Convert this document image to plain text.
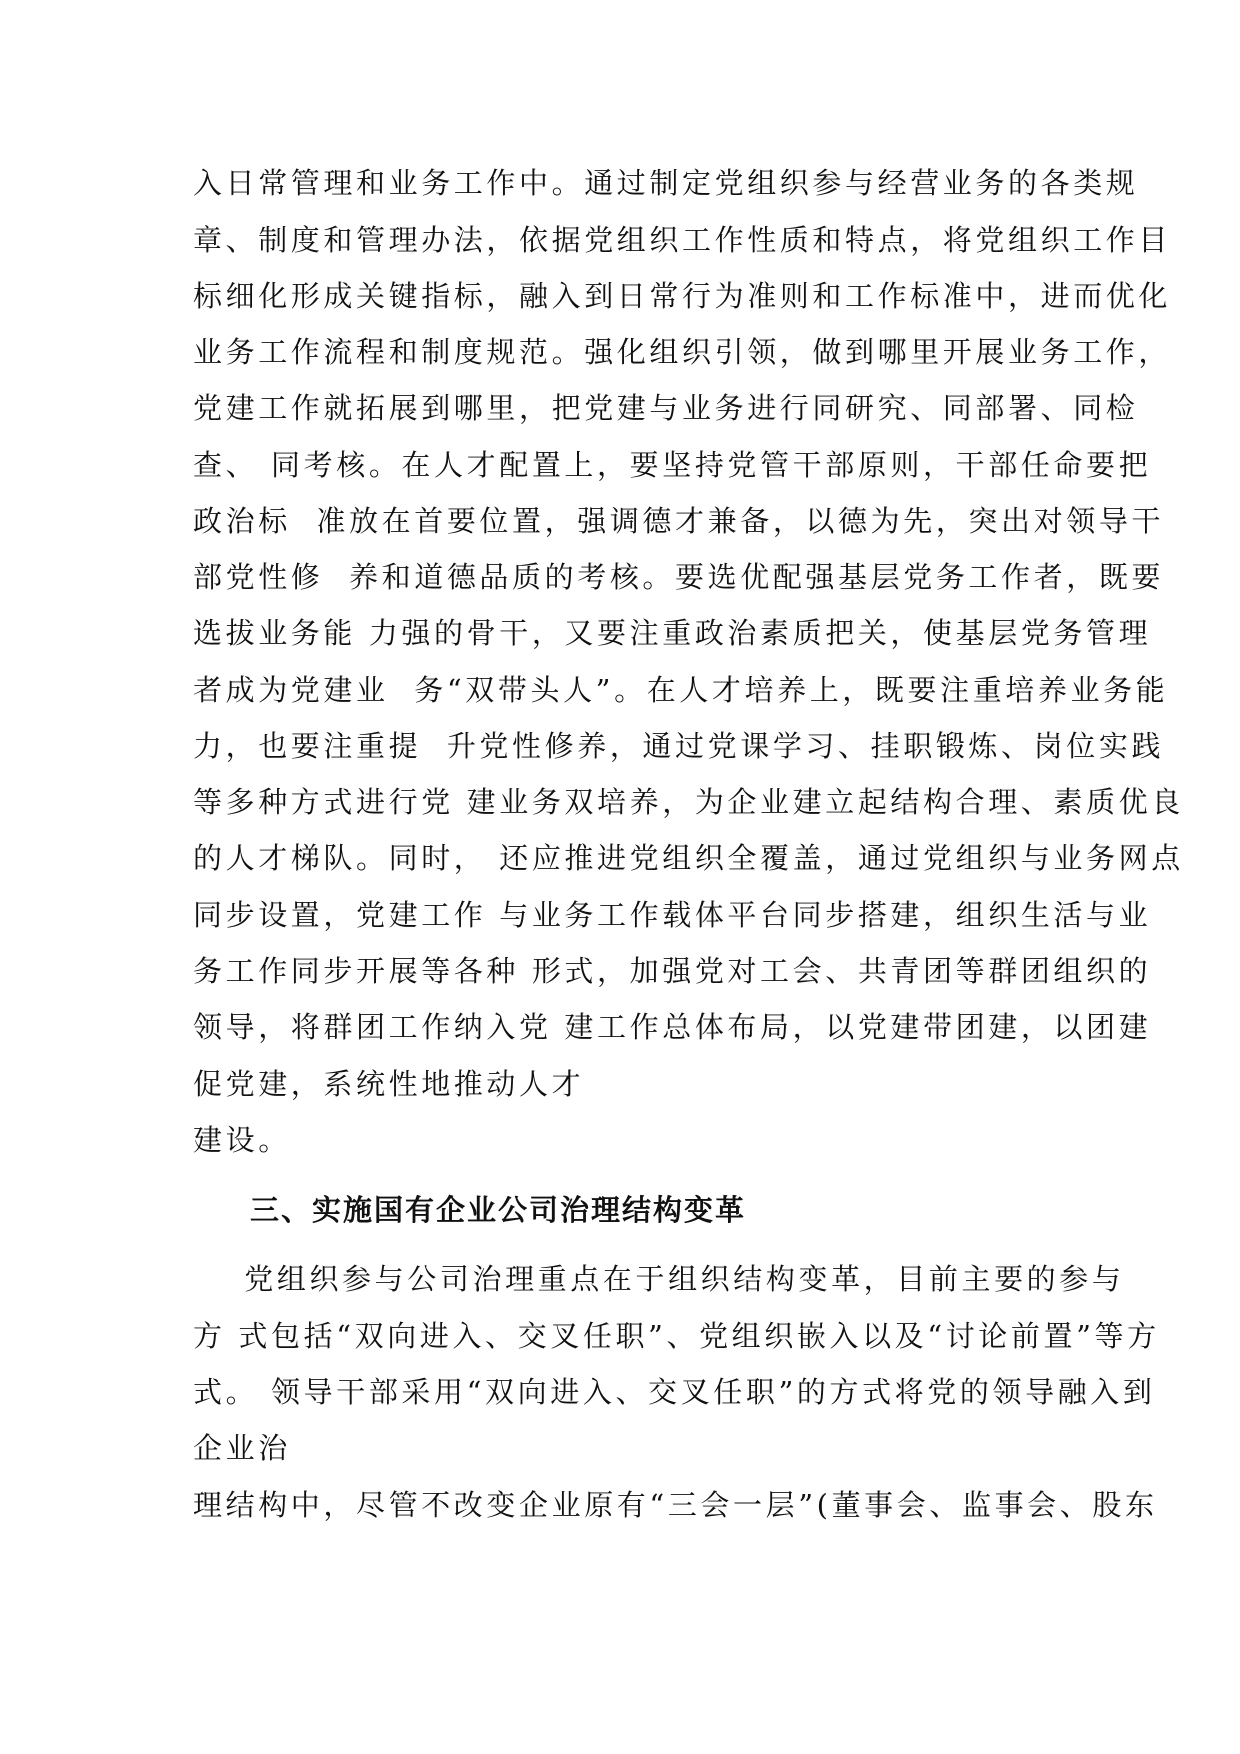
入日常管理和业务工作中。通过制定党组织参与经营业务的各类规
章、制度和管理办法，依据党组织工作性质和特点，将党组织工作目
标细化形成关键指标，融入到日常行为准则和工作标准中，进而优化
业务工作流程和制度规范。强化组织引领，做到哪里开展业务工作，
党建工作就拓展到哪里，把党建与业务进行同研究、同部署、同检
查、 同考核。在人才配置上，要坚持党管干部原则，干部任命要把
政治标  准放在首要位置，强调德才兼备，以德为先，突出对领导干
部党性修  养和道德品质的考核。要选优配强基层党务工作者，既要
选拔业务能 力强的骨干，又要注重政治素质把关，使基层党务管理
者成为党建业  务“双带头人”。在人才培养上，既要注重培养业务能
力，也要注重提  升党性修养，通过党课学习、挂职锻炼、岗位实践
等多种方式进行党 建业务双培养，为企业建立起结构合理、素质优良
的人才梯队。同时， 还应推进党组织全覆盖，通过党组织与业务网点
同步设置，党建工作 与业务工作载体平台同步搭建，组织生活与业
务工作同步开展等各种 形式，加强党对工会、共青团等群团组织的
领导，将群团工作纳入党 建工作总体布局，以党建带团建，以团建
促党建，系统性地推动人才
建设。
三、实施国有企业公司治理结构变革
党组织参与公司治理重点在于组织结构变革，目前主要的参与
方 式包括“双向进入、交叉任职”、党组织嵌入以及“讨论前置”等方
式。 领导干部采用“双向进入、交叉任职”的方式将党的领导融入到
企业治
理结构中，尽管不改变企业原有“三会一层”(董事会、监事会、股东
